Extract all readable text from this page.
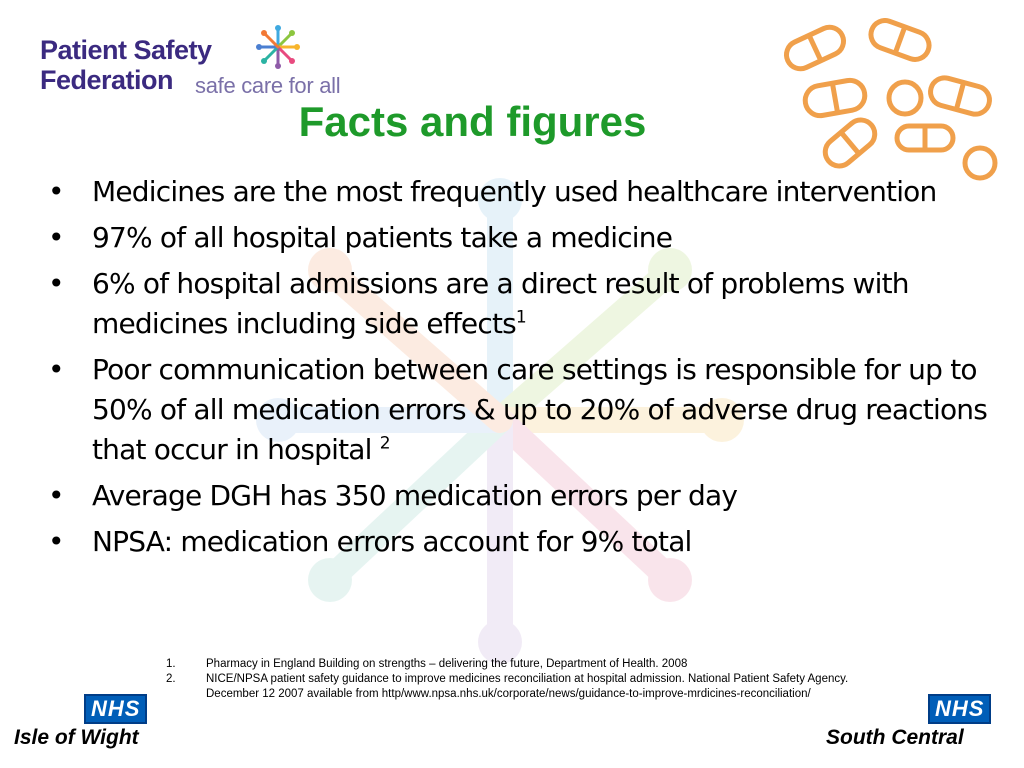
Patient Safety
Federation safe care for all
Facts and figures
• Medicines are the most frequently used healthcare intervention
• 97% of all hospital patients take a medicine
• 6% of hospital admissions are a direct result of problems with medicines including side effects$^1$
• Poor communication between care settings is responsible for up to 50% of all medication errors & up to 20% of adverse drug reactions that occur in hospital $^2$
• Average DGH has 350 medication errors per day
• NPSA: medication errors account for 9% total
1.	Pharmacy in England Building on strengths – delivering the future, Department of Health. 2008
2.	NICE/NPSA patient safety guidance to improve medicines reconciliation at hospital admission. National Patient Safety Agency.
December 12 2007 available from http/www.npsa.nhs.uk/corporate/news/guidance-to-improve-mrdicines-reconciliation/
NHS
Isle of Wight
NHS
South Central
